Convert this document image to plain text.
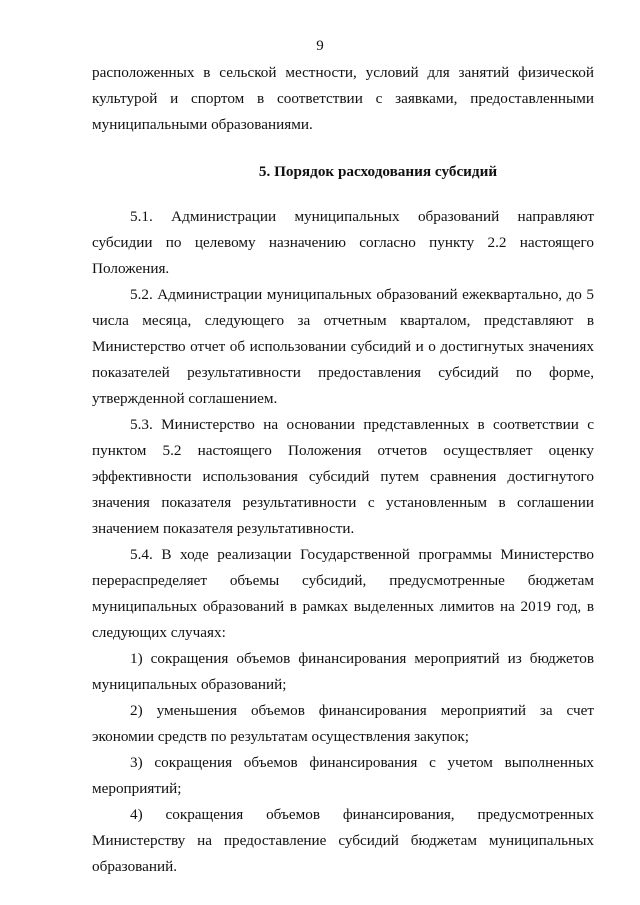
9

расположенных в сельской местности, условий для занятий физической культурой и спортом в соответствии с заявками, предоставленными муниципальными образованиями.

5. Порядок расходования субсидий

5.1. Администрации муниципальных образований направляют субсидии по целевому назначению согласно пункту 2.2 настоящего Положения.

5.2. Администрации муниципальных образований ежеквартально, до 5 числа месяца, следующего за отчетным кварталом, представляют в Министерство отчет об использовании субсидий и о достигнутых значениях показателей результативности предоставления субсидий по форме, утвержденной соглашением.

5.3. Министерство на основании представленных в соответствии с пунктом 5.2 настоящего Положения отчетов осуществляет оценку эффективности использования субсидий путем сравнения достигнутого значения показателя результативности с установленным в соглашении значением показателя результативности.

5.4. В ходе реализации Государственной программы Министерство перераспределяет объемы субсидий, предусмотренные бюджетам муниципальных образований в рамках выделенных лимитов на 2019 год, в следующих случаях:

1) сокращения объемов финансирования мероприятий из бюджетов муниципальных образований;

2) уменьшения объемов финансирования мероприятий за счет экономии средств по результатам осуществления закупок;

3) сокращения объемов финансирования с учетом выполненных мероприятий;

4) сокращения объемов финансирования, предусмотренных Министерству на предоставление субсидий бюджетам муниципальных образований.
